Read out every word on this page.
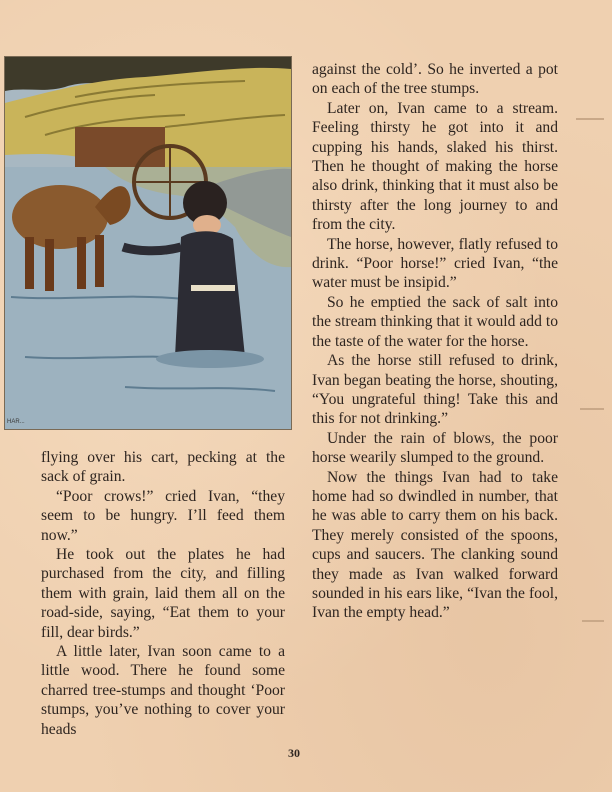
HAR...

flying over his cart, pecking at the sack of grain.

“Poor crows!” cried Ivan, “they seem to be hungry. I’ll feed them now.”

He took out the plates he had purchased from the city, and filling them with grain, laid them all on the road-side, saying, “Eat them to your fill, dear birds.”

A little later, Ivan soon came to a little wood. There he found some charred tree-stumps and thought ‘Poor stumps, you’ve nothing to cover your heads

against the cold’. So he inverted a pot on each of the tree stumps.

Later on, Ivan came to a stream. Feeling thirsty he got into it and cupping his hands, slaked his thirst. Then he thought of making the horse also drink, thinking that it must also be thirsty after the long journey to and from the city.

The horse, however, flatly refused to drink. “Poor horse!” cried Ivan, “the water must be insipid.”

So he emptied the sack of salt into the stream thinking that it would add to the taste of the water for the horse.

As the horse still refused to drink, Ivan began beating the horse, shouting, “You ungrateful thing! Take this and this for not drinking.”

Under the rain of blows, the poor horse wearily slumped to the ground.

Now the things Ivan had to take home had so dwindled in number, that he was able to carry them on his back. They merely consisted of the spoons, cups and saucers. The clanking sound they made as Ivan walked forward sounded in his ears like, “Ivan the fool, Ivan the empty head.”

30
